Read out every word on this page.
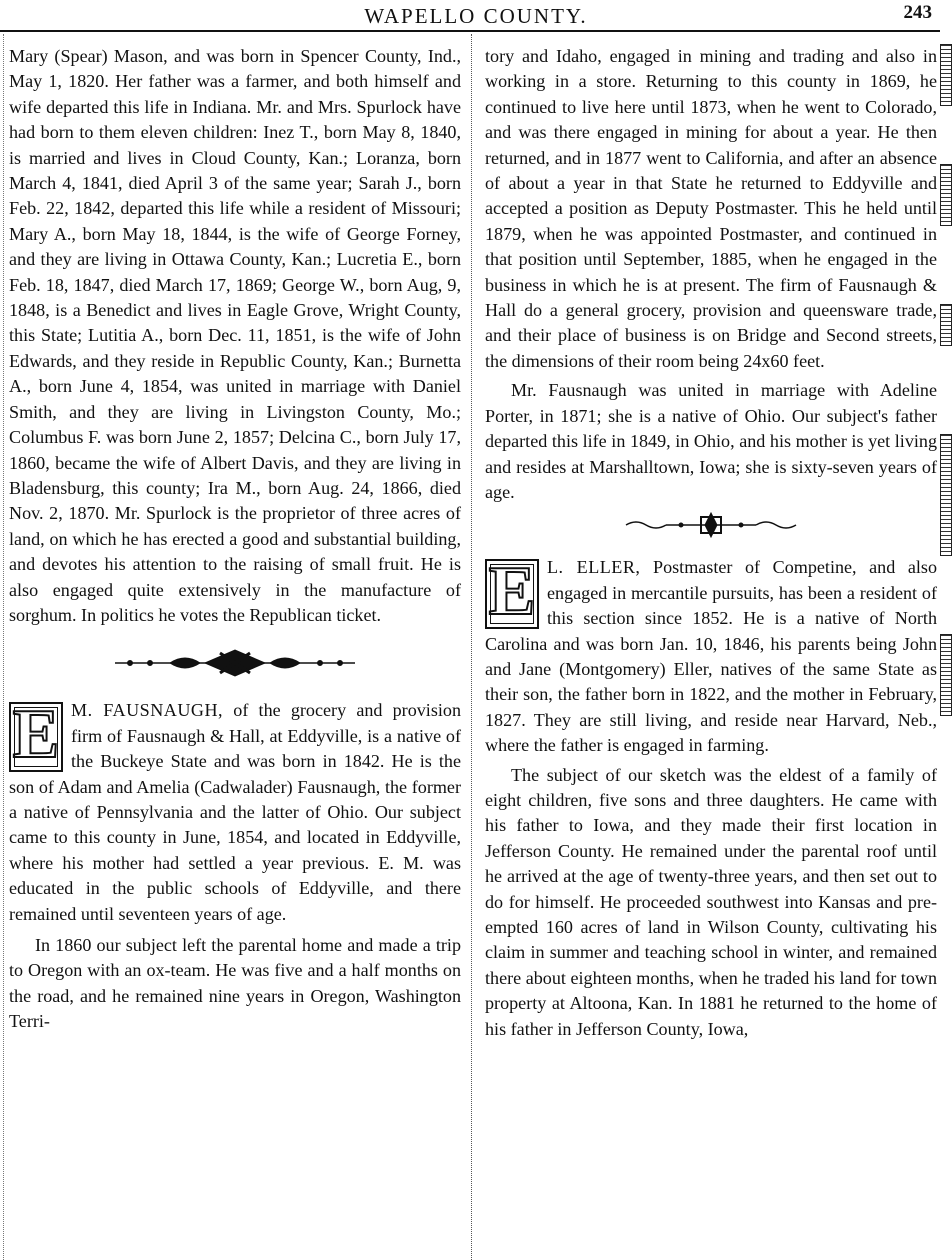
WAPELLO COUNTY.	243

Mary (Spear) Mason, and was born in Spencer County, Ind., May 1, 1820. Her father was a farmer, and both himself and wife departed this life in Indiana. Mr. and Mrs. Spurlock have had born to them eleven children: Inez T., born May 8, 1840, is married and lives in Cloud County, Kan.; Loranza, born March 4, 1841, died April 3 of the same year; Sarah J., born Feb. 22, 1842, departed this life while a resident of Missouri; Mary A., born May 18, 1844, is the wife of George Forney, and they are living in Ottawa County, Kan.; Lucretia E., born Feb. 18, 1847, died March 17, 1869; George W., born Aug, 9, 1848, is a Benedict and lives in Eagle Grove, Wright County, this State; Lutitia A., born Dec. 11, 1851, is the wife of John Edwards, and they reside in Republic County, Kan.; Burnetta A., born June 4, 1854, was united in marriage with Daniel Smith, and they are living in Livingston County, Mo.; Columbus F. was born June 2, 1857; Delcina C., born July 17, 1860, became the wife of Albert Davis, and they are living in Bladensburg, this county; Ira M., born Aug. 24, 1866, died Nov. 2, 1870. Mr. Spurlock is the proprietor of three acres of land, on which he has erected a good and substantial building, and devotes his attention to the raising of small fruit. He is also engaged quite extensively in the manufacture of sorghum. In politics he votes the Republican ticket.

E M. FAUSNAUGH, of the grocery and provision firm of Fausnaugh & Hall, at Eddyville, is a native of the Buckeye State and was born in 1842. He is the son of Adam and Amelia (Cadwalader) Fausnaugh, the former a native of Pennsylvania and the latter of Ohio. Our subject came to this county in June, 1854, and located in Eddyville, where his mother had settled a year previous. E. M. was educated in the public schools of Eddyville, and there remained until seventeen years of age.

In 1860 our subject left the parental home and made a trip to Oregon with an ox-team. He was five and a half months on the road, and he remained nine years in Oregon, Washington Terri-

tory and Idaho, engaged in mining and trading and also in working in a store. Returning to this county in 1869, he continued to live here until 1873, when he went to Colorado, and was there engaged in mining for about a year. He then returned, and in 1877 went to California, and after an absence of about a year in that State he returned to Eddyville and accepted a position as Deputy Postmaster. This he held until 1879, when he was appointed Postmaster, and continued in that position until September, 1885, when he engaged in the business in which he is at present. The firm of Fausnaugh & Hall do a general grocery, provision and queensware trade, and their place of business is on Bridge and Second streets, the dimensions of their room being 24x60 feet.

Mr. Fausnaugh was united in marriage with Adeline Porter, in 1871; she is a native of Ohio. Our subject's father departed this life in 1849, in Ohio, and his mother is yet living and resides at Marshalltown, Iowa; she is sixty-seven years of age.

E L. ELLER, Postmaster of Competine, and also engaged in mercantile pursuits, has been a resident of this section since 1852. He is a native of North Carolina and was born Jan. 10, 1846, his parents being John and Jane (Montgomery) Eller, natives of the same State as their son, the father born in 1822, and the mother in February, 1827. They are still living, and reside near Harvard, Neb., where the father is engaged in farming.

The subject of our sketch was the eldest of a family of eight children, five sons and three daughters. He came with his father to Iowa, and they made their first location in Jefferson County. He remained under the parental roof until he arrived at the age of twenty-three years, and then set out to do for himself. He proceeded southwest into Kansas and pre-empted 160 acres of land in Wilson County, cultivating his claim in summer and teaching school in winter, and remained there about eighteen months, when he traded his land for town property at Altoona, Kan. In 1881 he returned to the home of his father in Jefferson County, Iowa,
